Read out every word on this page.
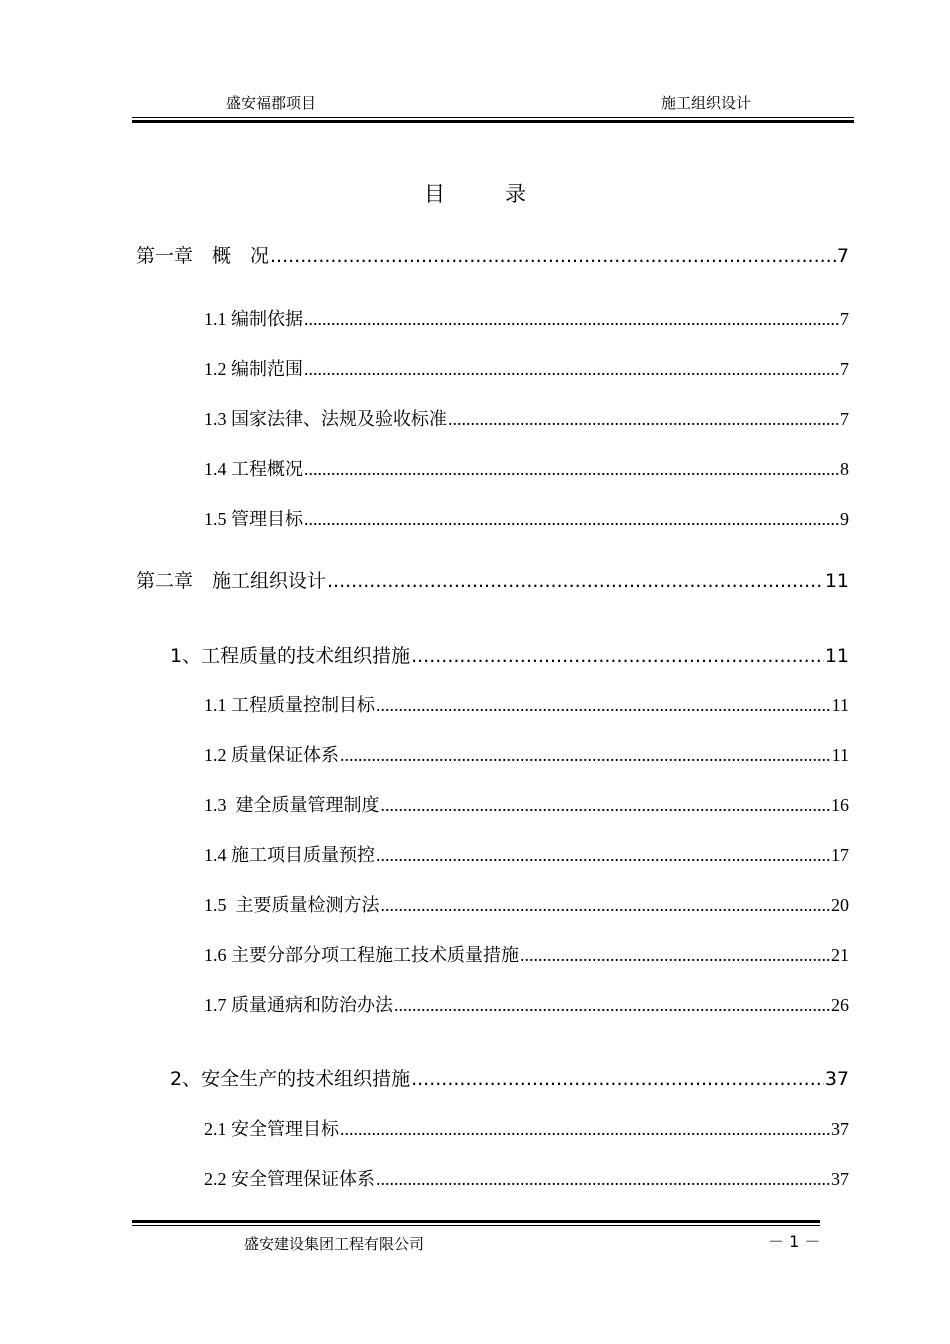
盛安福郡项目	施工组织设计
目	录
第一章　概　况 .....	7
1.1 编制依据 .....	7
1.2 编制范围 .....	7
1.3 国家法律、法规及验收标准 .....	7
1.4 工程概况 .....	8
1.5 管理目标 .....	9
第二章　施工组织设计 .....	11
1、工程质量的技术组织措施 .....	11
1.1 工程质量控制目标 .....	11
1.2 质量保证体系 .....	11
1.3  建全质量管理制度 .....	16
1.4 施工项目质量预控 .....	17
1.5  主要质量检测方法 .....	20
1.6 主要分部分项工程施工技术质量措施 .....	21
1.7 质量通病和防治办法 .....	26
2、安全生产的技术组织措施 .....	37
2.1 安全管理目标 .....	37
2.2 安全管理保证体系 .....	37
盛安建设集团工程有限公司	－ 1 －
